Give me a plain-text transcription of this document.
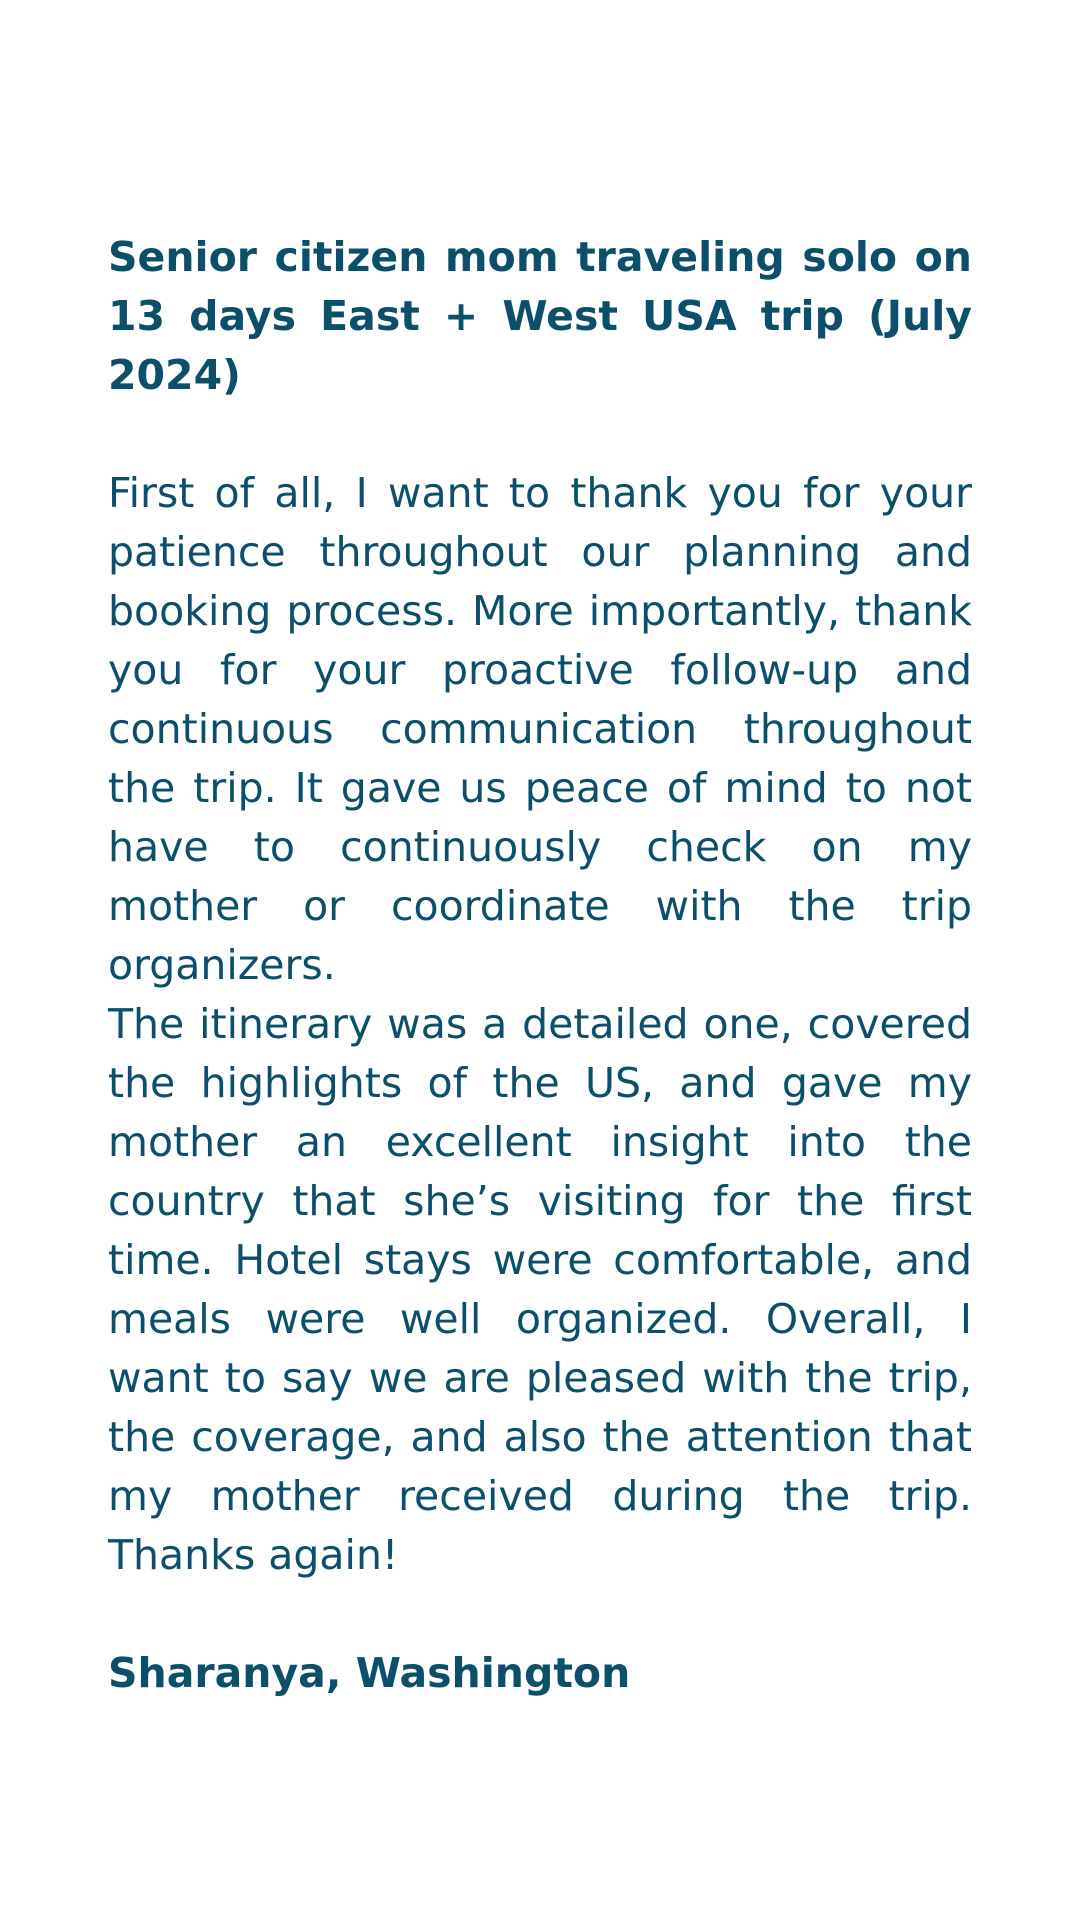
Senior citizen mom traveling solo on 13 days East + West USA trip (July 2024)

First of all, I want to thank you for your patience throughout our planning and booking process. More importantly, thank you for your proactive follow-up and continuous communication throughout the trip. It gave us peace of mind to not have to continuously check on my mother or coordinate with the trip organizers.

The itinerary was a detailed one, covered the highlights of the US, and gave my mother an excellent insight into the country that she’s visiting for the first time. Hotel stays were comfortable, and meals were well organized. Overall, I want to say we are pleased with the trip, the coverage, and also the attention that my mother received during the trip. Thanks again!

Sharanya, Washington
